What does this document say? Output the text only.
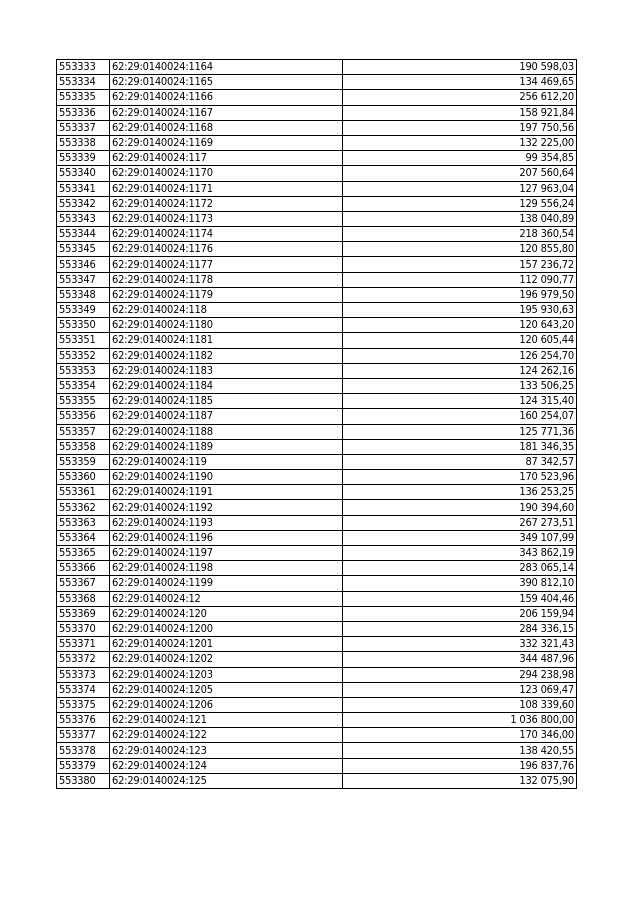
553333	62:29:0140024:1164	190 598,03
553334	62:29:0140024:1165	134 469,65
553335	62:29:0140024:1166	256 612,20
553336	62:29:0140024:1167	158 921,84
553337	62:29:0140024:1168	197 750,56
553338	62:29:0140024:1169	132 225,00
553339	62:29:0140024:117	99 354,85
553340	62:29:0140024:1170	207 560,64
553341	62:29:0140024:1171	127 963,04
553342	62:29:0140024:1172	129 556,24
553343	62:29:0140024:1173	138 040,89
553344	62:29:0140024:1174	218 360,54
553345	62:29:0140024:1176	120 855,80
553346	62:29:0140024:1177	157 236,72
553347	62:29:0140024:1178	112 090,77
553348	62:29:0140024:1179	196 979,50
553349	62:29:0140024:118	195 930,63
553350	62:29:0140024:1180	120 643,20
553351	62:29:0140024:1181	120 605,44
553352	62:29:0140024:1182	126 254,70
553353	62:29:0140024:1183	124 262,16
553354	62:29:0140024:1184	133 506,25
553355	62:29:0140024:1185	124 315,40
553356	62:29:0140024:1187	160 254,07
553357	62:29:0140024:1188	125 771,36
553358	62:29:0140024:1189	181 346,35
553359	62:29:0140024:119	87 342,57
553360	62:29:0140024:1190	170 523,96
553361	62:29:0140024:1191	136 253,25
553362	62:29:0140024:1192	190 394,60
553363	62:29:0140024:1193	267 273,51
553364	62:29:0140024:1196	349 107,99
553365	62:29:0140024:1197	343 862,19
553366	62:29:0140024:1198	283 065,14
553367	62:29:0140024:1199	390 812,10
553368	62:29:0140024:12	159 404,46
553369	62:29:0140024:120	206 159,94
553370	62:29:0140024:1200	284 336,15
553371	62:29:0140024:1201	332 321,43
553372	62:29:0140024:1202	344 487,96
553373	62:29:0140024:1203	294 238,98
553374	62:29:0140024:1205	123 069,47
553375	62:29:0140024:1206	108 339,60
553376	62:29:0140024:121	1 036 800,00
553377	62:29:0140024:122	170 346,00
553378	62:29:0140024:123	138 420,55
553379	62:29:0140024:124	196 837,76
553380	62:29:0140024:125	132 075,90
